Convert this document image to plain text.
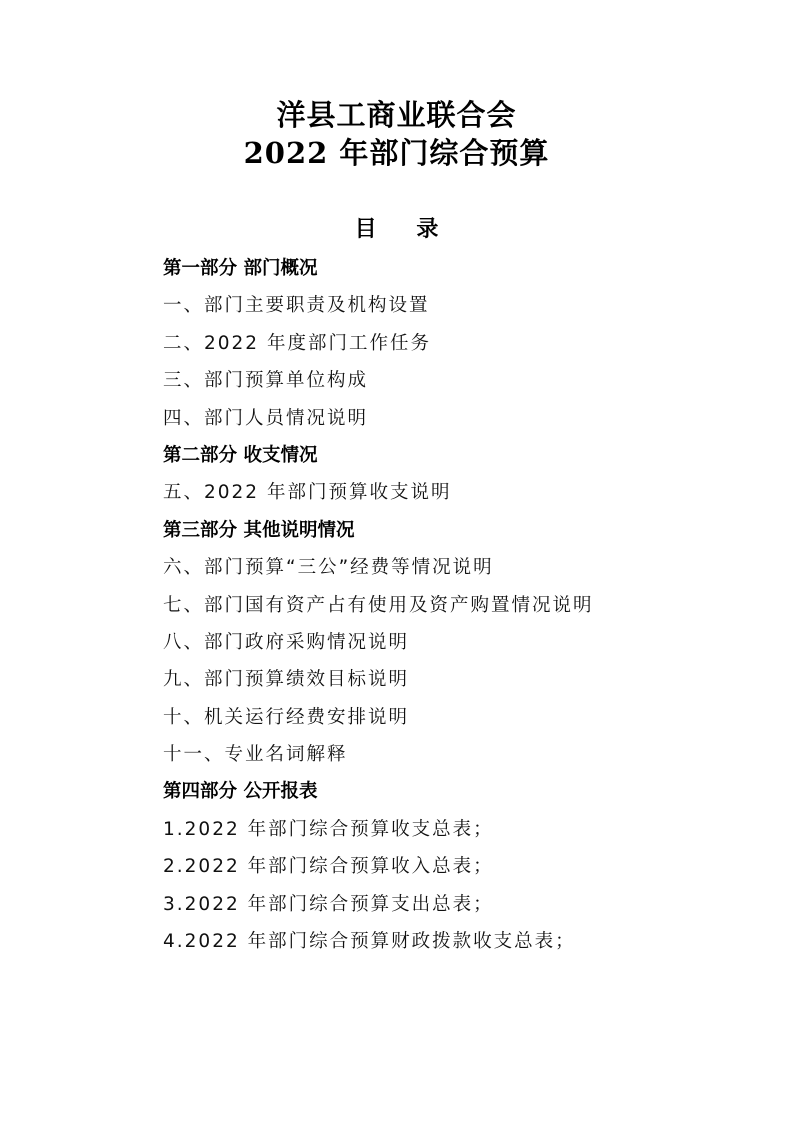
洋县工商业联合会
2022 年部门综合预算
目 录
第一部分 部门概况
一、部门主要职责及机构设置
二、2022 年度部门工作任务
三、部门预算单位构成
四、部门人员情况说明
第二部分 收支情况
五、2022 年部门预算收支说明
第三部分 其他说明情况
六、部门预算“三公”经费等情况说明
七、部门国有资产占有使用及资产购置情况说明
八、部门政府采购情况说明
九、部门预算绩效目标说明
十、机关运行经费安排说明
十一、专业名词解释
第四部分 公开报表
1.2022 年部门综合预算收支总表；
2.2022 年部门综合预算收入总表；
3.2022 年部门综合预算支出总表；
4.2022 年部门综合预算财政拨款收支总表；
